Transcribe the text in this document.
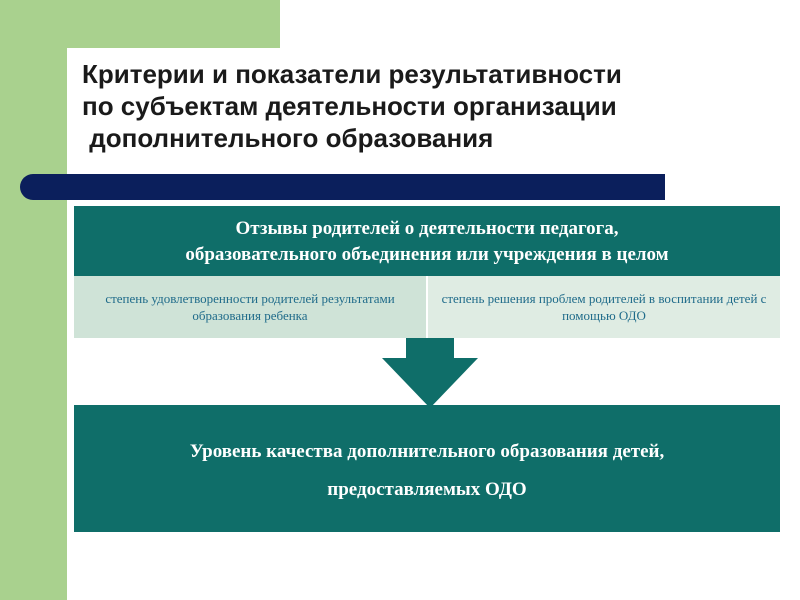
Критерии и показатели результативности
по субъектам деятельности организации
дополнительного образования
Отзывы родителей о деятельности педагога,
образовательного объединения или учреждения в целом
степень удовлетворенности родителей результатами образования ребенка
степень решения проблем родителей в воспитании детей с помощью ОДО
Уровень качества дополнительного образования детей,
предоставляемых ОДО
